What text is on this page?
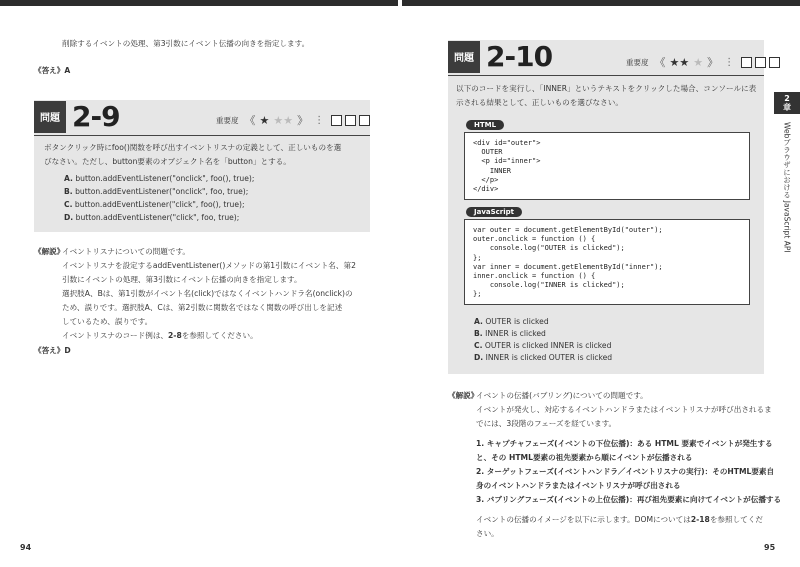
削除するイベントの処理、第3引数にイベント伝播の向きを指定します。
《答え》A
問題 2-9	重要度 《 ★ ★★ 》 ⋮
ボタンクリック時にfoo()関数を呼び出すイベントリスナの定義として、正しいものを選
びなさい。ただし、button要素のオブジェクト名を「button」とする。
A. button.addEventListener("onclick", foo(), true);
B. button.addEventListener("onclick", foo, true);
C. button.addEventListener("click", foo(), true);
D. button.addEventListener("click", foo, true);
《解説》
イベントリスナについての問題です。
イベントリスナを設定するaddEventListener()メソッドの第1引数にイベント名、第2
引数にイベントの処理、第3引数にイベント伝播の向きを指定します。
選択肢A、Bは、第1引数がイベント名(click)ではなくイベントハンドラ名(onclick)の
ため、誤りです。選択肢A、Cは、第2引数に関数名ではなく関数の呼び出しを記述
しているため、誤りです。
イベントリスナのコード例は、2-8を参照してください。
《答え》D
94
問題 2-10	重要度 《 ★★ ★ 》 ⋮
以下のコードを実行し、「INNER」というテキストをクリックした場合、コンソールに表
示される結果として、正しいものを選びなさい。
HTML
<div id="outer">
OUTER
<p id="inner">
INNER
</p>
</div>
JavaScript
var outer = document.getElementById("outer");
outer.onclick = function () {
console.log("OUTER is clicked");
};
var inner = document.getElementById("inner");
inner.onclick = function () {
console.log("INNER is clicked");
};
A. OUTER is clicked
B. INNER is clicked
C. OUTER is clicked INNER is clicked
D. INNER is clicked OUTER is clicked
《解説》
イベントの伝播(バブリング)についての問題です。
イベントが発火し、対応するイベントハンドラまたはイベントリスナが呼び出されるま
でには、3段階のフェーズを経ています。
1. キャプチャフェーズ(イベントの下位伝播)：ある HTML 要素でイベントが発生する
と、その HTML要素の祖先要素から順にイベントが伝播される
2. ターゲットフェーズ(イベントハンドラ／イベントリスナの実行)：そのHTML要素自
身のイベントハンドラまたはイベントリスナが呼び出される
3. バブリングフェーズ(イベントの上位伝播)：再び祖先要素に向けてイベントが伝播する
イベントの伝播のイメージを以下に示します。DOMについては2-18を参照してくだ
さい。
95
2
章
Webブラウザにおける JavaScript API
